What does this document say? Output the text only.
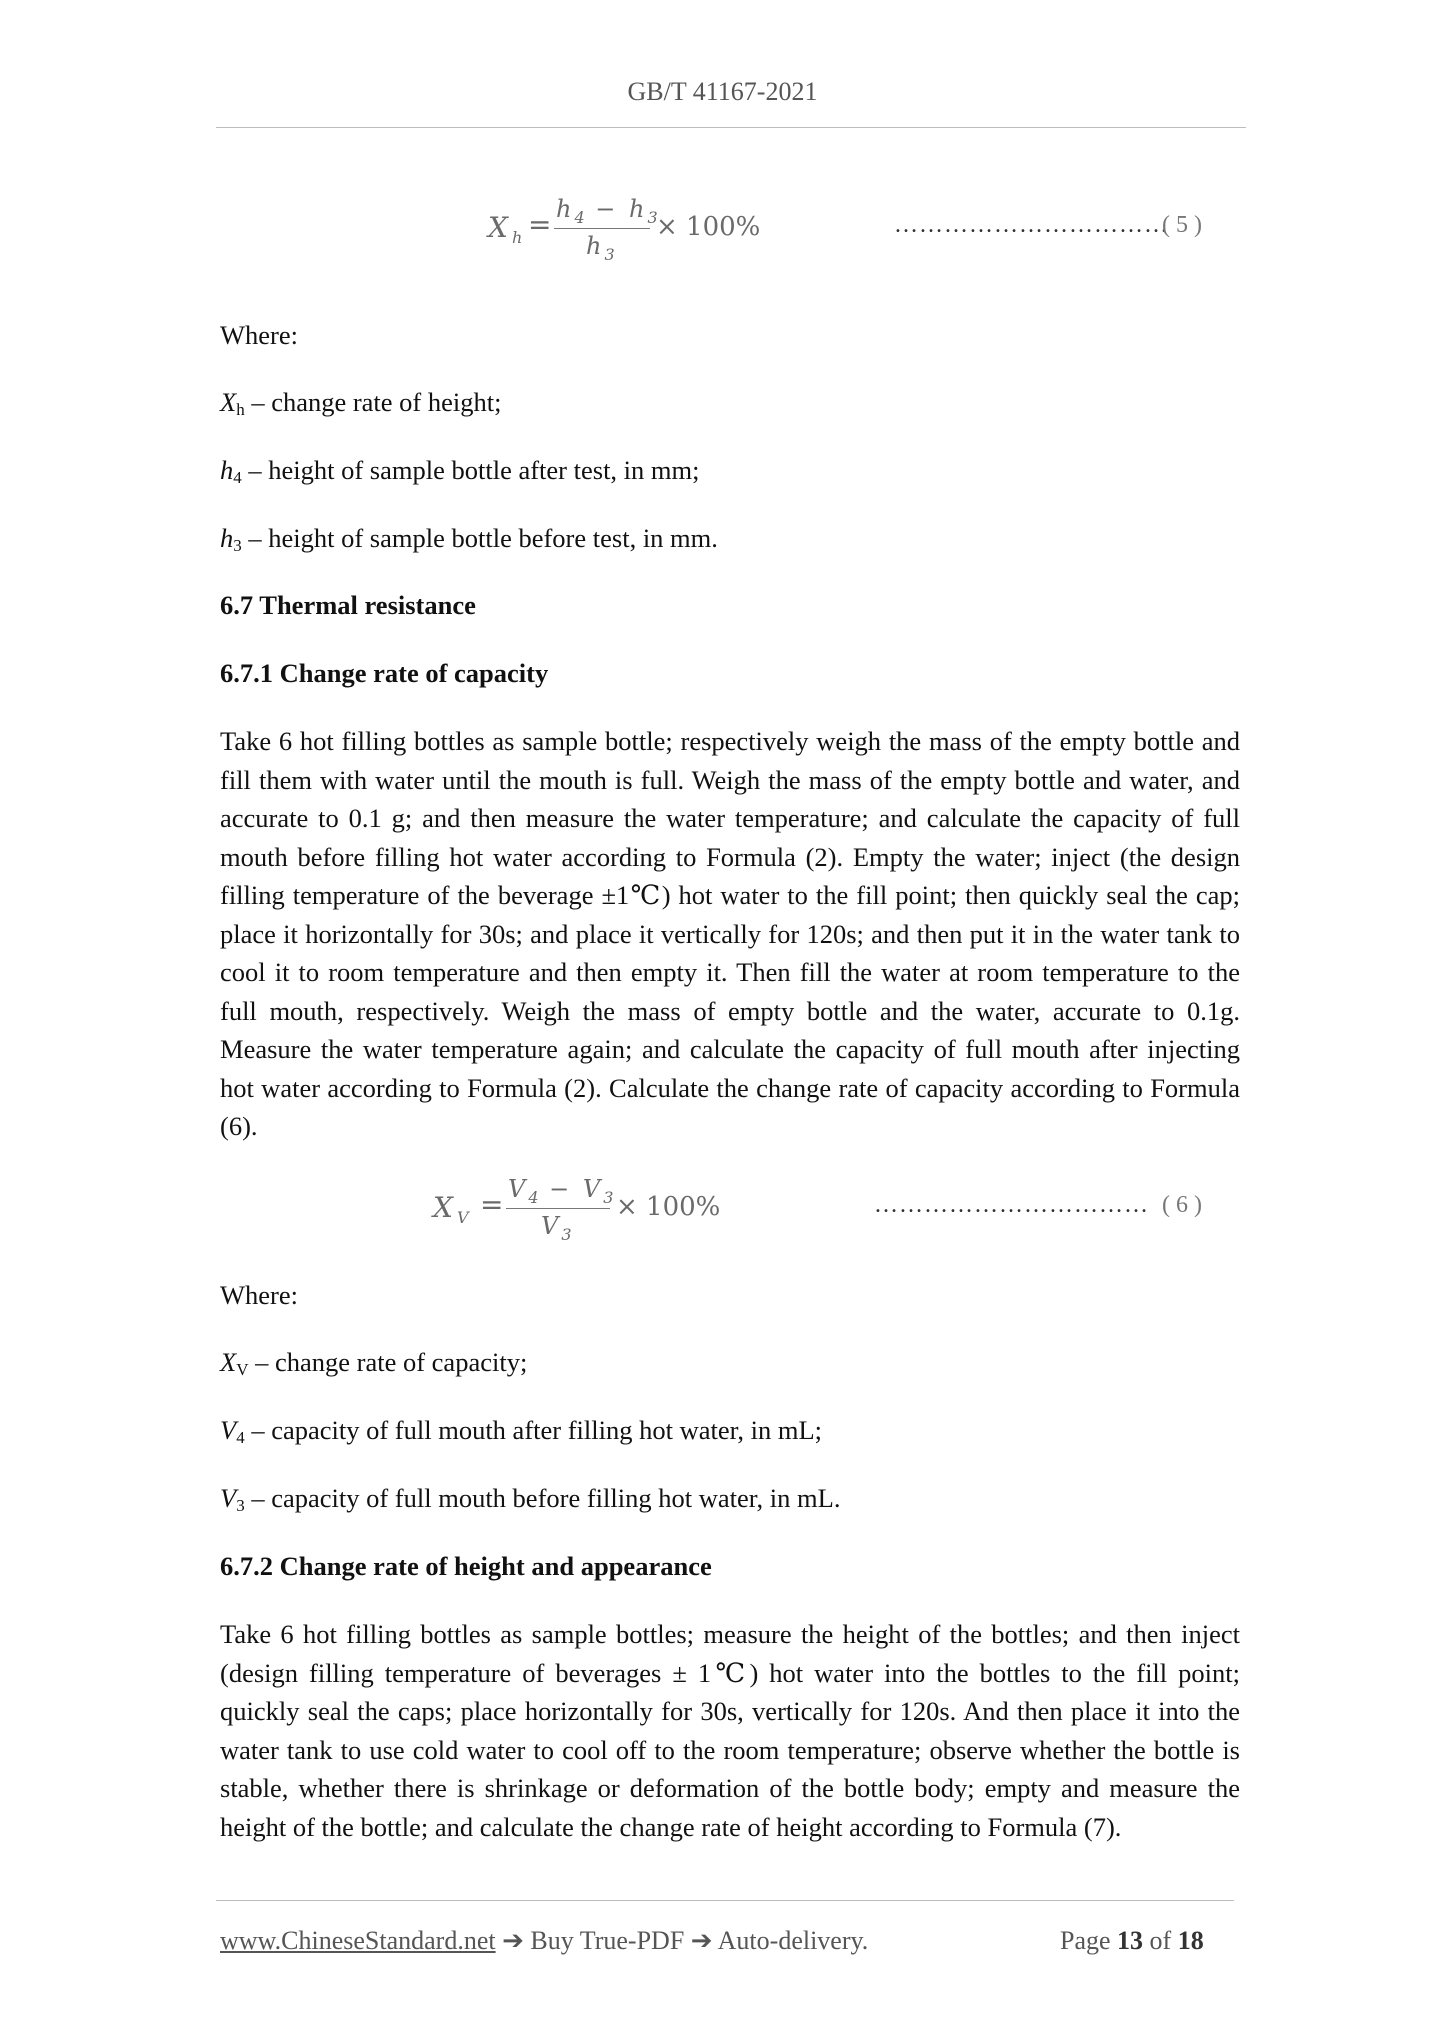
GB/T 41167-2021
X $_h$ = h $_4$ − h $_3$
h $_3$
× 100%	……………………………
( 5 )
Where:
$X_h$ – change rate of height;
$h_4$ – height of sample bottle after test, in mm;
$h_3$ – height of sample bottle before test, in mm.
6.7 Thermal resistance
6.7.1 Change rate of capacity

Take 6 hot filling bottles as sample bottle; respectively weigh the mass of the empty bottle and fill them with water until the mouth is full. Weigh the mass of the empty bottle and water, and accurate to 0.1 g; and then measure the water temperature; and calculate the capacity of full mouth before filling hot water according to Formula (2). Empty the water; inject (the design filling temperature of the beverage ±1℃) hot water to the fill point; then quickly seal the cap; place it horizontally for 30s; and place it vertically for 120s; and then put it in the water tank to cool it to room temperature and then empty it. Then fill the water at room temperature to the full mouth, respectively. Weigh the mass of empty bottle and the water, accurate to 0.1g. Measure the water temperature again; and calculate the capacity of full mouth after injecting hot water according to Formula (2). Calculate the change rate of capacity according to Formula (6).

X $_V$ = V $_4$ − V $_3$
V $_3$
× 100%	…………………………… ( 6 )
Where:
$X_V$ – change rate of capacity;
$V_4$ – capacity of full mouth after filling hot water, in mL;
$V_3$ – capacity of full mouth before filling hot water, in mL.
6.7.2 Change rate of height and appearance

Take 6 hot filling bottles as sample bottles; measure the height of the bottles; and then inject (design filling temperature of beverages ± 1℃) hot water into the bottles to the fill point; quickly seal the caps; place horizontally for 30s, vertically for 120s. And then place it into the water tank to use cold water to cool off to the room temperature; observe whether the bottle is stable, whether there is shrinkage or deformation of the bottle body; empty and measure the height of the bottle; and calculate the change rate of height according to Formula (7).

www.ChineseStandard.net ➔ Buy True-PDF ➔ Auto-delivery.	Page 13 of 18
